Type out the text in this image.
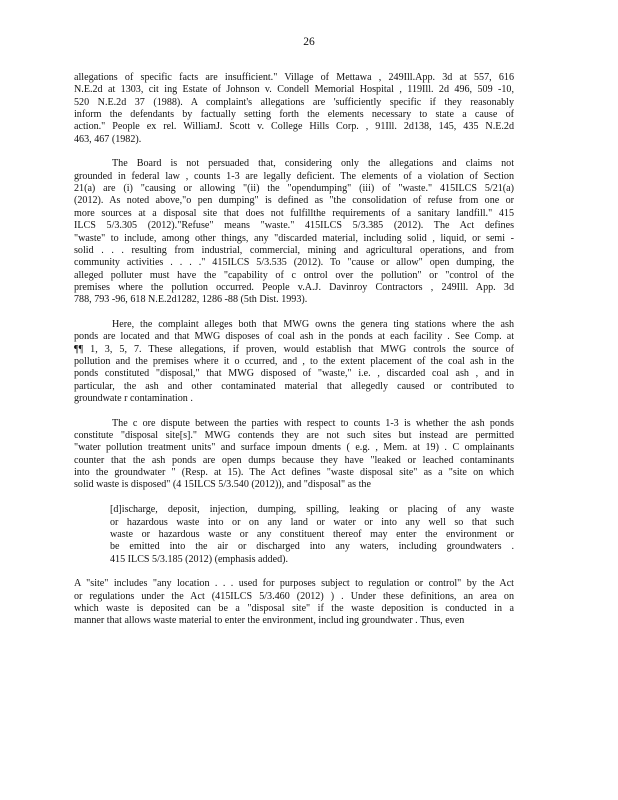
26
allegations of specific facts are insufficient." Village of Mettawa , 249Ill.App. 3d at 557, 616
N.E.2d at 1303, cit ing Estate of Johnson v. Condell Memorial Hospital , 119Ill. 2d 496, 509 -10,
520 N.E.2d 37 (1988). A complaint's allegations are 'sufficiently specific if they reasonably
inform the defendants by factually setting forth the elements necessary to state a cause of
action." People ex rel. WilliamJ. Scott v. College Hills Corp. , 91Ill. 2d138, 145, 435 N.E.2d
463, 467 (1982).
The Board is not persuaded that, considering only the allegations and claims not
grounded in federal law , counts 1-3 are legally deficient. The elements of a violation of Section
21(a) are (i) "causing or allowing "(ii) the "opendumping" (iii) of "waste." 415ILCS 5/21(a)
(2012). As noted above,"o pen dumping" is defined as "the consolidation of refuse from one or
more sources at a disposal site that does not fulfillthe requirements of a sanitary landfill." 415
ILCS 5/3.305 (2012)."Refuse" means "waste." 415ILCS 5/3.385 (2012). The Act defines
"waste" to include, among other things, any "discarded material, including solid , liquid, or semi -
solid . . . resulting from industrial, commercial, mining and agricultural operations, and from
community activities . . . ." 415ILCS 5/3.535 (2012). To "cause or allow" open dumping, the
alleged polluter must have the "capability of c ontrol over the pollution" or "control of the
premises where the pollution occurred. People v.A.J. Davinroy Contractors , 249Ill. App. 3d
788, 793 -96, 618 N.E.2d1282, 1286 -88 (5th Dist. 1993).
Here, the complaint alleges both that MWG owns the genera ting stations where the ash
ponds are located and that MWG disposes of coal ash in the ponds at each facility . See Comp. at
¶¶ 1, 3, 5, 7. These allegations, if proven, would establish that MWG controls the source of
pollution and the premises where it o ccurred, and , to the extent placement of the coal ash in the
ponds constituted "disposal," that MWG disposed of "waste," i.e. , discarded coal ash , and in
particular, the ash and other contaminated material that allegedly caused or contributed to
groundwate r contamination .
The c ore dispute between the parties with respect to counts 1-3 is whether the ash ponds
constitute "disposal site[s]." MWG contends they are not such sites but instead are permitted
"water pollution treatment units" and surface impoun dments ( e.g. , Mem. at 19) . C omplainants
counter that the ash ponds are open dumps because they have "leaked or leached contaminants
into the groundwater " (Resp. at 15). The Act defines "waste disposal site" as a "site on which
solid waste is disposed" (4 15ILCS 5/3.540 (2012)), and "disposal" as the
[d]ischarge, deposit, injection, dumping, spilling, leaking or placing of any waste
or hazardous waste into or on any land or water or into any well so that such
waste or hazardous waste or any constituent thereof may enter the environment or
be emitted into the air or discharged into any waters, including groundwaters .
415 ILCS 5/3.185 (2012) (emphasis added).
A "site" includes "any location . . . used for purposes subject to regulation or control" by the Act
or regulations under the Act (415ILCS 5/3.460 (2012) ) . Under these definitions, an area on
which waste is deposited can be a "disposal site" if the waste deposition is conducted in a
manner that allows waste material to enter the environment, includ ing groundwater . Thus, even
